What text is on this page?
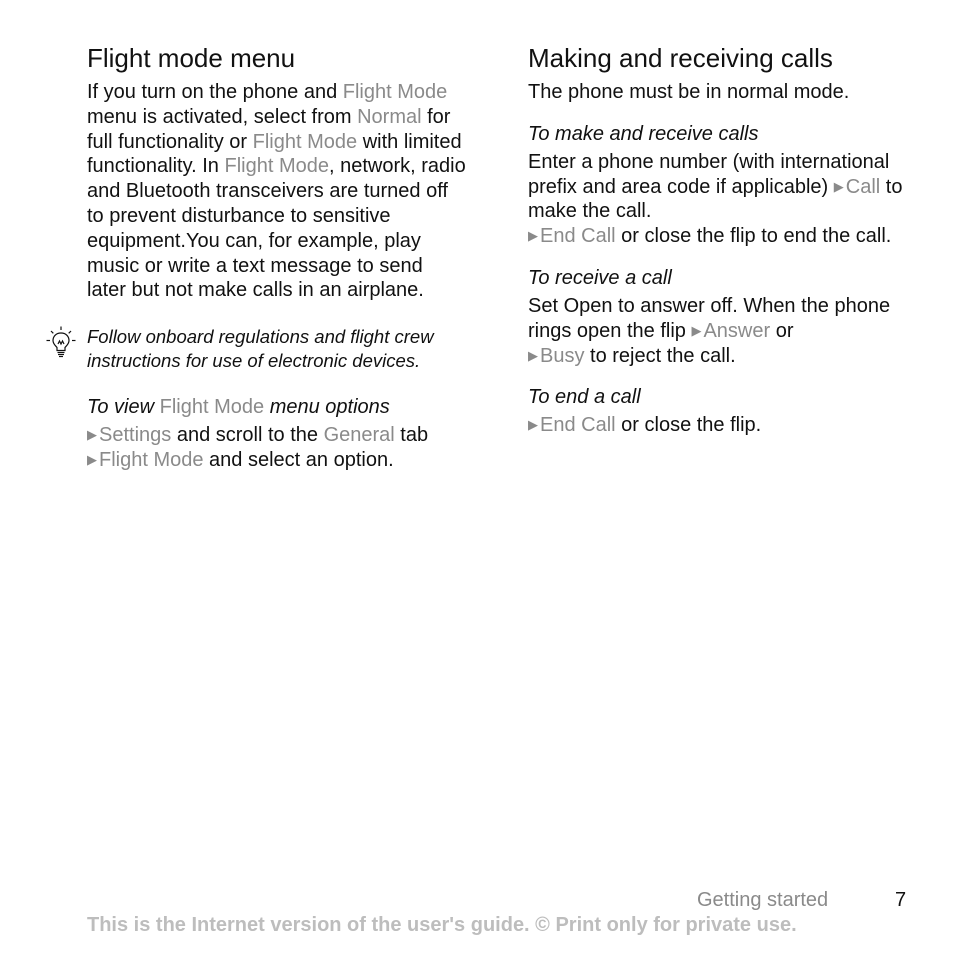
Flight mode menu

If you turn on the phone and Flight Mode menu is activated, select from Normal for full functionality or Flight Mode with limited functionality. In Flight Mode, network, radio and Bluetooth transceivers are turned off to prevent disturbance to sensitive equipment.You can, for example, play music or write a text message to send later but not make calls in an airplane.

Follow onboard regulations and flight crew instructions for use of electronic devices.
To view Flight Mode menu options

▶ Settings and scroll to the General tab ▶ Flight Mode and select an option.

Making and receiving calls

The phone must be in normal mode.

To make and receive calls

Enter a phone number (with international prefix and area code if applicable) ▶ Call to make the call.
▶ End Call or close the flip to end the call.

To receive a call

Set Open to answer off. When the phone rings open the flip ▶ Answer or
▶ Busy to reject the call.

To end a call

▶ End Call or close the flip.

Getting started	7
This is the Internet version of the user's guide. © Print only for private use.
